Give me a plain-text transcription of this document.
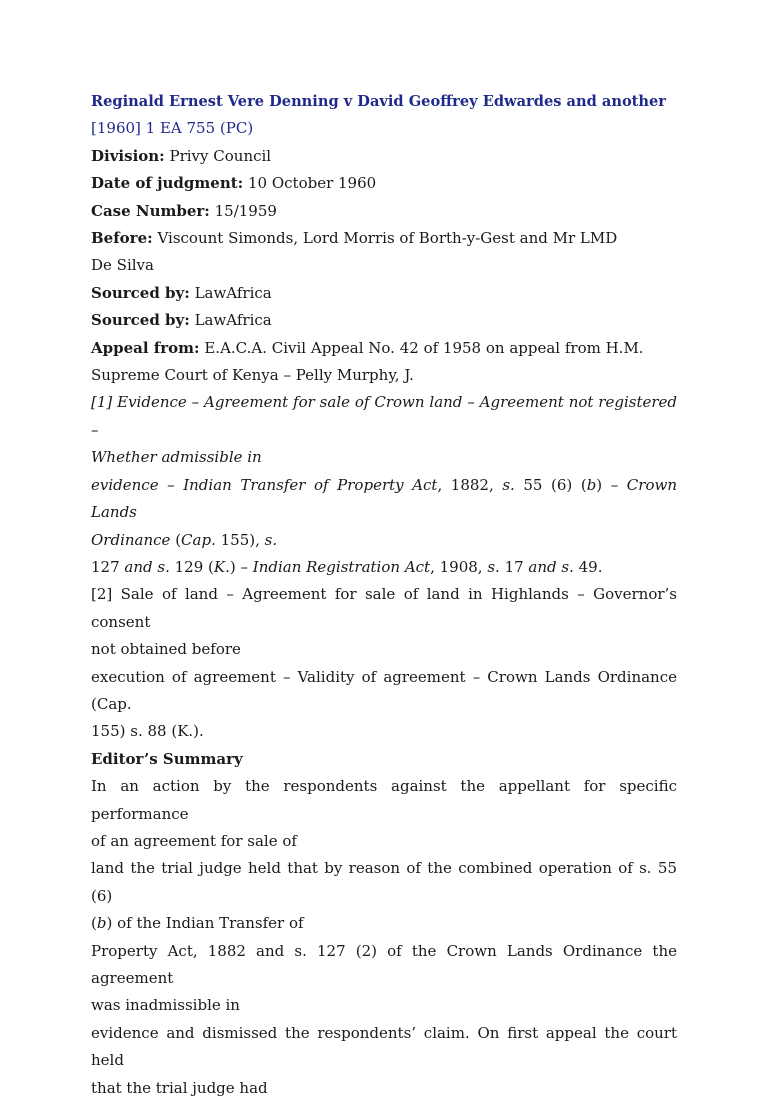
Reginald Ernest Vere Denning v David Geoffrey Edwardes and another
[1960] 1 EA 755 (PC)
Division: Privy Council
Date of judgment: 10 October 1960
Case Number: 15/1959
Before: Viscount Simonds, Lord Morris of Borth-y-Gest and Mr LMD
De Silva
Sourced by: LawAfrica
Sourced by: LawAfrica
Appeal from: E.A.C.A. Civil Appeal No. 42 of 1958 on appeal from H.M.
Supreme Court of Kenya – Pelly Murphy, J.
[1] Evidence – Agreement for sale of Crown land – Agreement not registered –
Whether admissible in
evidence – Indian Transfer of Property Act, 1882, s. 55 (6) (b) – Crown Lands
Ordinance (Cap. 155), s.
127 and s. 129 (K.) – Indian Registration Act, 1908, s. 17 and s. 49.
[2] Sale of land – Agreement for sale of land in Highlands – Governor’s consent
not obtained before
execution of agreement – Validity of agreement – Crown Lands Ordinance (Cap.
155) s. 88 (K.).
Editor’s Summary
In an action by the respondents against the appellant for specific performance
of an agreement for sale of
land the trial judge held that by reason of the combined operation of s. 55 (6)
(b) of the Indian Transfer of
Property Act, 1882 and s. 127 (2) of the Crown Lands Ordinance the agreement
was inadmissible in
evidence and dismissed the respondents’ claim. On first appeal the court held
that the trial judge had
